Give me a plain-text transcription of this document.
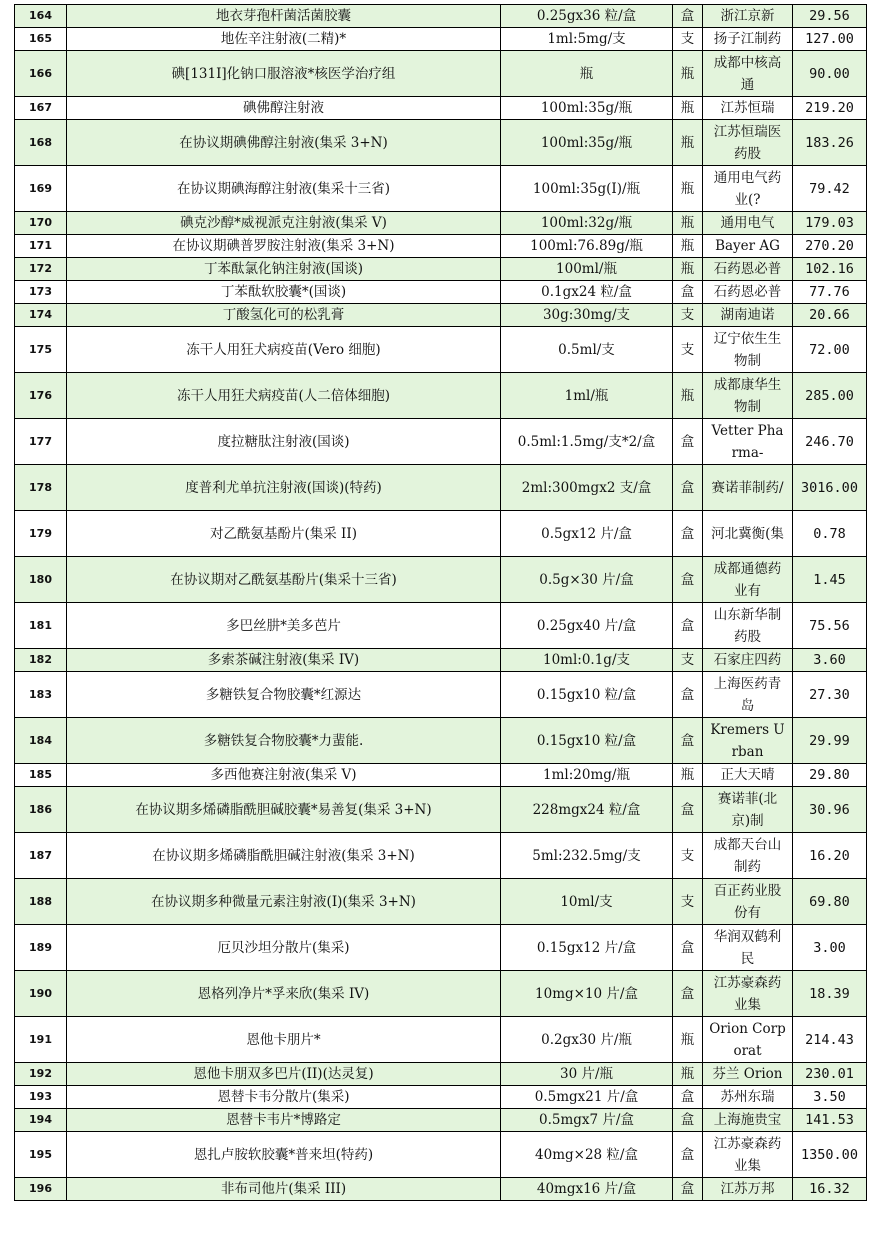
164	地衣芽孢杆菌活菌胶囊	0.25gx36 粒/盒	盒	浙江京新	29.56
165	地佐辛注射液(二精)*	1ml:5mg/支	支	扬子江制药	127.00
166	碘[131I]化钠口服溶液*核医学治疗组	瓶	瓶	成都中核高通	90.00
167	碘佛醇注射液	100ml:35g/瓶	瓶	江苏恒瑞	219.20
168	在协议期碘佛醇注射液(集采 3+N)	100ml:35g/瓶	瓶	江苏恒瑞医药股	183.26
169	在协议期碘海醇注射液(集采十三省)	100ml:35g(Ⅰ)/瓶	瓶	通用电气药业(?	79.42
170	碘克沙醇*威视派克注射液(集采 V)	100ml:32g/瓶	瓶	通用电气	179.03
171	在协议期碘普罗胺注射液(集采 3+N)	100ml:76.89g/瓶	瓶	Bayer AG	270.20
172	丁苯酞氯化钠注射液(国谈)	100ml/瓶	瓶	石药恩必普	102.16
173	丁苯酞软胶囊*(国谈)	0.1gx24 粒/盒	盒	石药恩必普	77.76
174	丁酸氢化可的松乳膏	30g:30mg/支	支	湖南迪诺	20.66
175	冻干人用狂犬病疫苗(Vero 细胞)	0.5ml/支	支	辽宁依生生物制	72.00
176	冻干人用狂犬病疫苗(人二倍体细胞)	1ml/瓶	瓶	成都康华生物制	285.00
177	度拉糖肽注射液(国谈)	0.5ml:1.5mg/支*2/盒	盒	Vetter Pharma-	246.70
178	度普利尤单抗注射液(国谈)(特药)	2ml:300mgx2 支/盒	盒	赛诺菲制药/	3016.00
179	对乙酰氨基酚片(集采 II)	0.5gx12 片/盒	盒	河北冀衡(集	0.78
180	在协议期对乙酰氨基酚片(集采十三省)	0.5g×30 片/盒	盒	成都通德药业有	1.45
181	多巴丝肼*美多芭片	0.25gx40 片/盒	盒	山东新华制药股	75.56
182	多索茶碱注射液(集采 IV)	10ml:0.1g/支	支	石家庄四药	3.60
183	多糖铁复合物胶囊*红源达	0.15gx10 粒/盒	盒	上海医药青岛	27.30
184	多糖铁复合物胶囊*力蜚能.	0.15gx10 粒/盒	盒	Kremers Urban	29.99
185	多西他赛注射液(集采 V)	1ml:20mg/瓶	瓶	正大天晴	29.80
186	在协议期多烯磷脂酰胆碱胶囊*易善复(集采 3+N)	228mgx24 粒/盒	盒	赛诺菲(北京)制	30.96
187	在协议期多烯磷脂酰胆碱注射液(集采 3+N)	5ml:232.5mg/支	支	成都天台山制药	16.20
188	在协议期多种微量元素注射液(Ⅰ)(集采 3+N)	10ml/支	支	百正药业股份有	69.80
189	厄贝沙坦分散片(集采)	0.15gx12 片/盒	盒	华润双鹤利民	3.00
190	恩格列净片*孚来欣(集采 IV)	10mg×10 片/盒	盒	江苏豪森药业集	18.39
191	恩他卡朋片*	0.2gx30 片/瓶	瓶	Orion Corporat	214.43
192	恩他卡朋双多巴片(II)(达灵复)	30 片/瓶	瓶	芬兰 Orion	230.01
193	恩替卡韦分散片(集采)	0.5mgx21 片/盒	盒	苏州东瑞	3.50
194	恩替卡韦片*博路定	0.5mgx7 片/盒	盒	上海施贵宝	141.53
195	恩扎卢胺软胶囊*普来坦(特药)	40mg×28 粒/盒	盒	江苏豪森药业集	1350.00
196	非布司他片(集采 III)	40mgx16 片/盒	盒	江苏万邦	16.32
